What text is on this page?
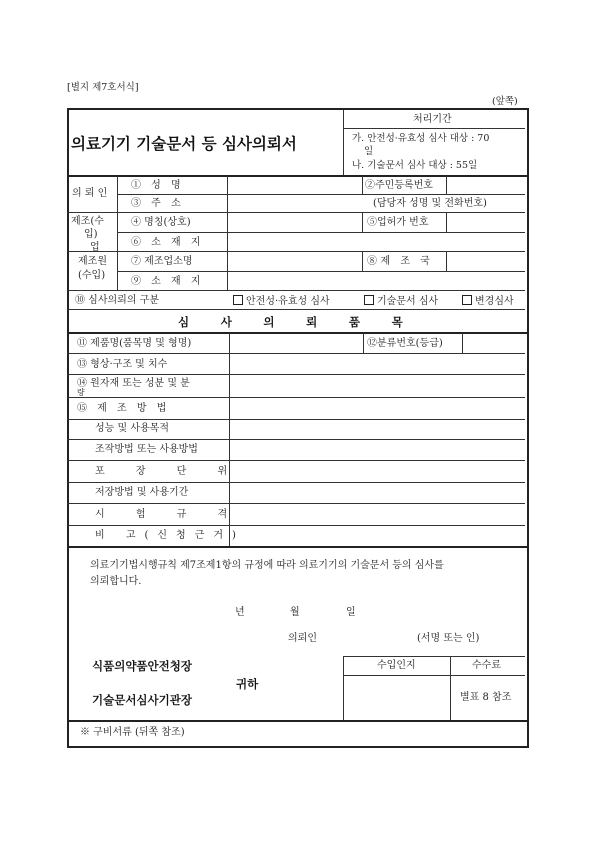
[별지 제7호서식]
(앞쪽)
의료기기 기술문서 등 심사의뢰서
처리기간
가. 안전성·유효성 심사 대상 : 70
일
나. 기술문서 심사 대상 : 55일
의 뢰 인
① 성 명	②주민등록번호
③ 주 소	(담당자 성명 및 전화번호)
제조(수
입)
업
④ 명칭(상호)	⑤업허가 번호
⑥ 소 재 지
제조원
(수입)
⑦ 제조업소명	⑧제 조 국
⑨ 소 재 지
⑩ 심사의뢰의 구분	안전성·유효성 심사	기술문서 심사	변경심사
심 사 의 뢰 품 목
⑪ 제품명(품목명 및 형명)	⑫분류번호(등급)
⑬ 형상·구조 및 치수
⑭ 원자재 또는 성분 및 분
량
⑮ 제 조 방 법
성능 및 사용목적
조작방법 또는 사용방법
포 장 단 위
저장방법 및 사용기간
시 험 규 격
비 고(신청근거)
의료기기법시행규칙 제7조제1항의 규정에 따라 의료기기의 기술문서 등의 심사를
의뢰합니다.
년	월	일
의뢰인	(서명 또는 인)
식품의약품안전청장
기술문서심사기관장
귀하
수입인지	수수료
별표 8 참조
※ 구비서류 (뒤쪽 참조)
